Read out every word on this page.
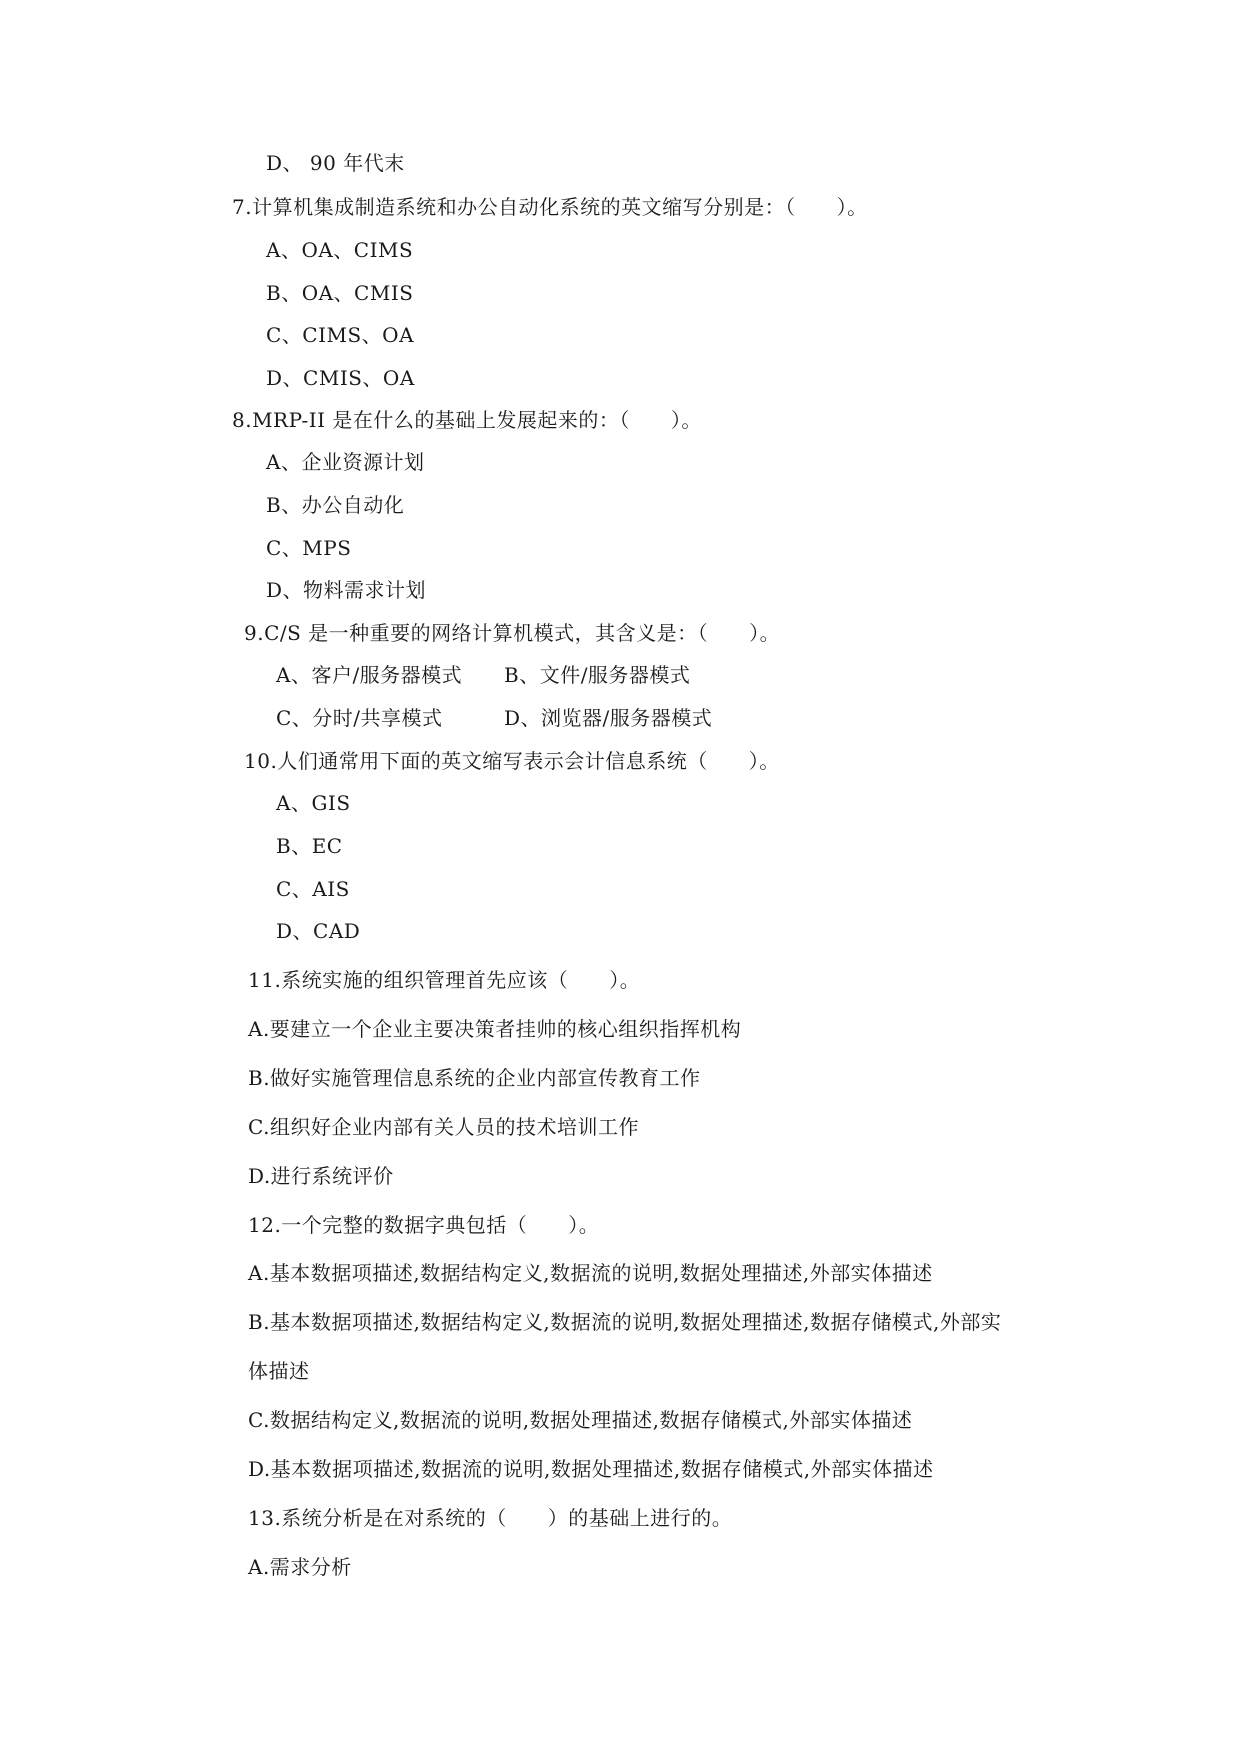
D、 90 年代末
7.计算机集成制造系统和办公自动化系统的英文缩写分别是：（　　）。
A、OA、CIMS
B、OA、CMIS
C、CIMS、OA
D、CMIS、OA
8.MRP-II 是在什么的基础上发展起来的：（　　）。
A、企业资源计划
B、办公自动化
C、MPS
D、物料需求计划
9.C/S 是一种重要的网络计算机模式，其含义是：（　　）。
A、客户/服务器模式 B、文件/服务器模式
C、分时/共享模式	D、浏览器/服务器模式
10.人们通常用下面的英文缩写表示会计信息系统（　　）。
A、GIS
B、EC
C、AIS
D、CAD
11.系统实施的组织管理首先应该（　　）。
A.要建立一个企业主要决策者挂帅的核心组织指挥机构
B.做好实施管理信息系统的企业内部宣传教育工作
C.组织好企业内部有关人员的技术培训工作
D.进行系统评价
12.一个完整的数据字典包括（　　）。
A.基本数据项描述,数据结构定义,数据流的说明,数据处理描述,外部实体描述
B.基本数据项描述,数据结构定义,数据流的说明,数据处理描述,数据存储模式,外部实
体描述
C.数据结构定义,数据流的说明,数据处理描述,数据存储模式,外部实体描述
D.基本数据项描述,数据流的说明,数据处理描述,数据存储模式,外部实体描述
13.系统分析是在对系统的（　　）的基础上进行的。
A.需求分析
